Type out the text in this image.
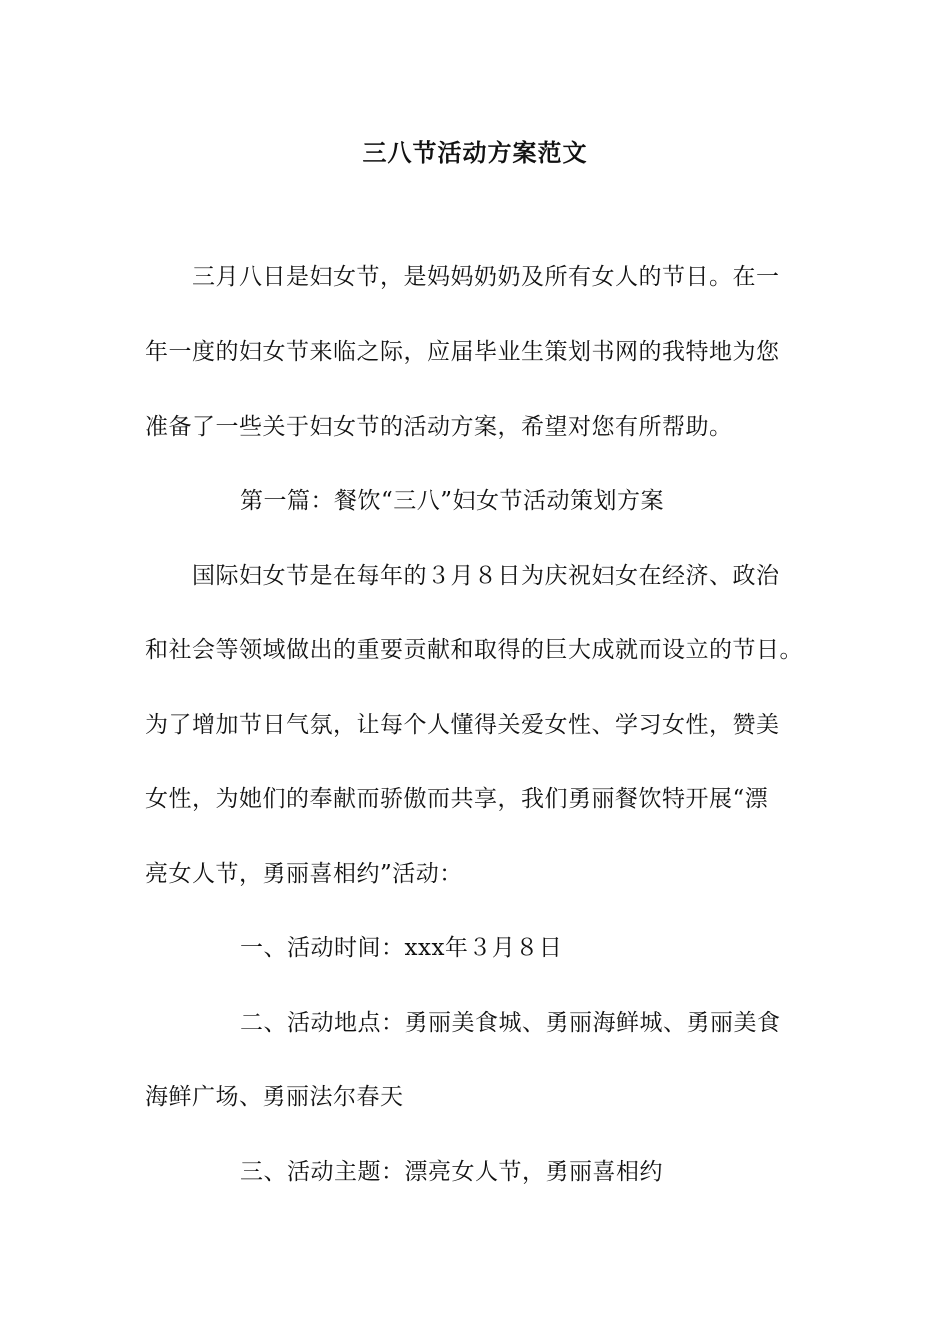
三八节活动方案范文
三月八日是妇女节，是妈妈奶奶及所有女人的节日。在一
年一度的妇女节来临之际，应届毕业生策划书网的我特地为您
准备了一些关于妇女节的活动方案，希望对您有所帮助。
第一篇：餐饮“三八”妇女节活动策划方案
国际妇女节是在每年的３月８日为庆祝妇女在经济、政治
和社会等领域做出的重要贡献和取得的巨大成就而设立的节日。
为了增加节日气氛，让每个人懂得关爱女性、学习女性，赞美
女性，为她们的奉献而骄傲而共享，我们勇丽餐饮特开展“漂
亮女人节，勇丽喜相约”活动：
一、活动时间：xxx年３月８日
二、活动地点：勇丽美食城、勇丽海鲜城、勇丽美食
海鲜广场、勇丽法尔春天
三、活动主题：漂亮女人节，勇丽喜相约
